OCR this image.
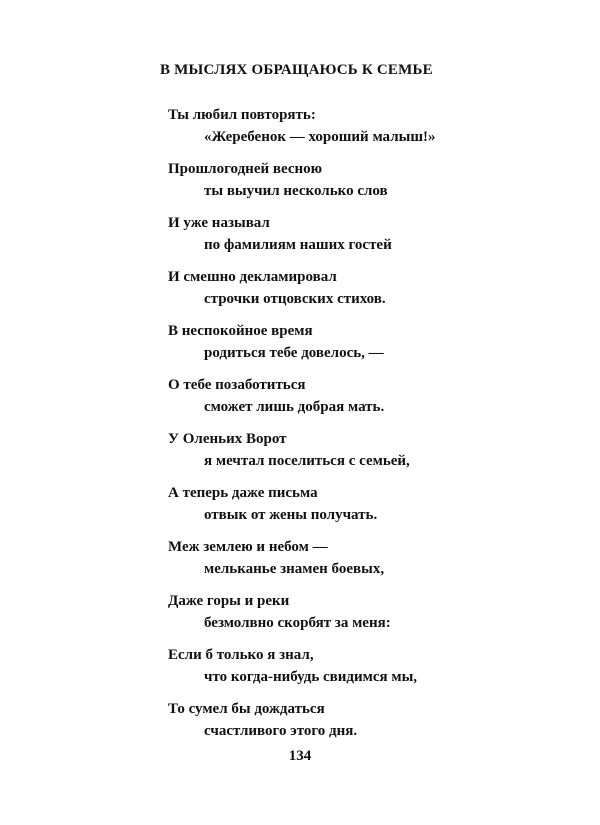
В МЫСЛЯХ ОБРАЩАЮСЬ К СЕМЬЕ
Ты любил повторять:
«Жеребенок — хороший малыш!»
Прошлогодней весною
ты выучил несколько слов
И уже называл
по фамилиям наших гостей
И смешно декламировал
строчки отцовских стихов.
В неспокойное время
родиться тебе довелось, —
О тебе позаботиться
сможет лишь добрая мать.
У Оленьих Ворот
я мечтал поселиться с семьей,
А теперь даже письма
отвык от жены получать.
Меж землею и небом —
мельканье знамен боевых,
Даже горы и реки
безмолвно скорбят за меня:
Если б только я знал,
что когда-нибудь свидимся мы,
То сумел бы дождаться
счастливого этого дня.
134
